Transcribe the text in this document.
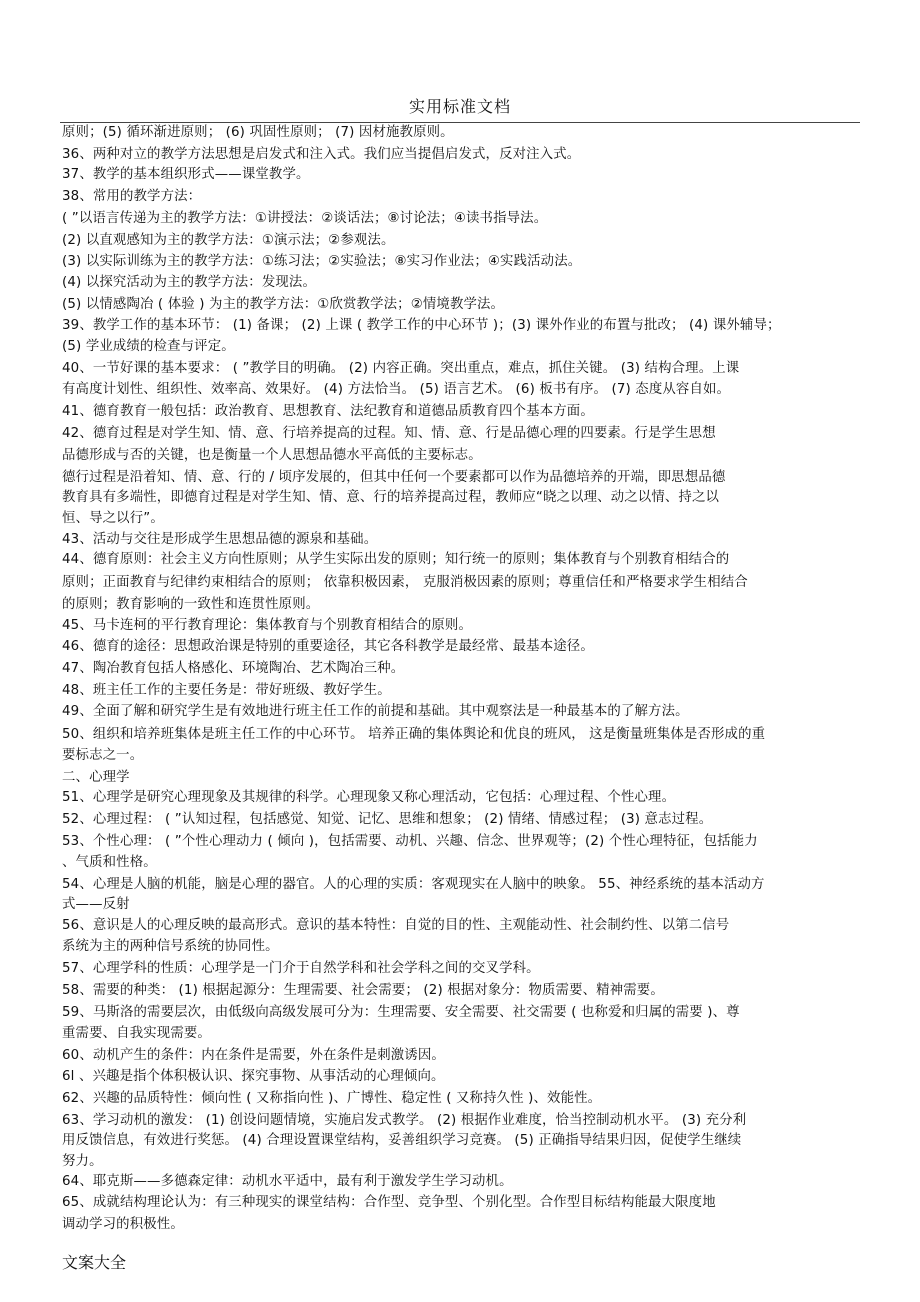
实用标准文档
原则；(5) 循环渐进原则； (6) 巩固性原则； (7) 因材施教原则。
36、两种对立的教学方法思想是启发式和注入式。我们应当提倡启发式，反对注入式。
37、教学的基本组织形式——课堂教学。
38、常用的教学方法：
( ”以语言传递为主的教学方法：①讲授法：②谈话法；⑧讨论法；④读书指导法。
(2) 以直观感知为主的教学方法：①演示法；②参观法。
(3) 以实际训练为主的教学方法：①练习法；②实验法；⑧实习作业法；④实践活动法。
(4) 以探究活动为主的教学方法：发现法。
(5) 以情感陶冶 ( 体验 ) 为主的教学方法：①欣赏教学法；②情境教学法。
39、教学工作的基本环节： (1) 备课； (2) 上课 ( 教学工作的中心环节 )；(3) 课外作业的布置与批改； (4) 课外辅导；
(5) 学业成绩的检查与评定。
40、一节好课的基本要求： ( ”教学目的明确。 (2) 内容正确。突出重点，难点，抓住关键。 (3) 结构合理。上课
有高度计划性、组织性、效率高、效果好。 (4) 方法恰当。 (5) 语言艺术。 (6) 板书有序。 (7) 态度从容自如。
41、德育教育一般包括：政治教育、思想教育、法纪教育和道德品质教育四个基本方面。
42、德育过程是对学生知、情、意、行培养提高的过程。知、情、意、行是品德心理的四要素。行是学生思想
品德形成与否的关键，也是衡量一个人思想品德水平高低的主要标志。
德行过程是沿着知、情、意、行的 / 顷序发展的，但其中任何一个要素都可以作为品德培养的开端，即思想品德
教育具有多端性，即德育过程是对学生知、情、意、行的培养提高过程，教师应“晓之以理、动之以情、持之以
恒、导之以行”。
43、活动与交往是形成学生思想品德的源泉和基础。
44、德育原则：社会主义方向性原则；从学生实际出发的原则；知行统一的原则；集体教育与个别教育相结合的
原则；正面教育与纪律约束相结合的原则； 依靠积极因素， 克服消极因素的原则；尊重信任和严格要求学生相结合
的原则；教育影响的一致性和连贯性原则。
45、马卡连柯的平行教育理论：集体教育与个别教育相结合的原则。
46、德育的途径：思想政治课是特别的重要途径，其它各科教学是最经常、最基本途径。
47、陶冶教育包括人格感化、环境陶冶、艺术陶冶三种。
48、班主任工作的主要任务是：带好班级、教好学生。
49、全面了解和研究学生是有效地进行班主任工作的前提和基础。其中观察法是一种最基本的了解方法。
50、组织和培养班集体是班主任工作的中心环节。 培养正确的集体舆论和优良的班风， 这是衡量班集体是否形成的重
要标志之一。
二、心理学
51、心理学是研究心理现象及其规律的科学。心理现象又称心理活动，它包括：心理过程、个性心理。
52、心理过程： ( ”认知过程，包括感觉、知觉、记忆、思维和想象； (2) 情绪、情感过程； (3) 意志过程。
53、个性心理： ( ”个性心理动力 ( 倾向 )，包括需要、动机、兴趣、信念、世界观等；(2) 个性心理特征，包括能力
、气质和性格。
54、心理是人脑的机能，脑是心理的器官。人的心理的实质：客观现实在人脑中的映象。 55、神经系统的基本活动方
式——反射
56、意识是人的心理反映的最高形式。意识的基本特性：自觉的目的性、主观能动性、社会制约性、以第二信号
系统为主的两种信号系统的协同性。
57、心理学科的性质：心理学是一门介于自然学科和社会学科之间的交叉学科。
58、需要的种类： (1) 根据起源分：生理需要、社会需要； (2) 根据对象分：物质需要、精神需要。
59、马斯洛的需要层次，由低级向高级发展可分为：生理需要、安全需要、社交需要 ( 也称爱和归属的需要 )、尊
重需要、自我实现需要。
60、动机产生的条件：内在条件是需要，外在条件是刺激诱因。
6l 、兴趣是指个体积极认识、探究事物、从事活动的心理倾向。
62、兴趣的品质特性：倾向性 ( 又称指向性 )、广博性、稳定性 ( 又称持久性 )、效能性。
63、学习动机的激发： (1) 创设问题情境，实施启发式教学。 (2) 根据作业难度，恰当控制动机水平。 (3) 充分利
用反馈信息，有效进行奖惩。 (4) 合理设置课堂结构，妥善组织学习竞赛。 (5) 正确指导结果归因，促使学生继续
努力。
64、耶克斯——多德森定律：动机水平适中，最有利于激发学生学习动机。
65、成就结构理论认为：有三种现实的课堂结构：合作型、竞争型、个别化型。合作型目标结构能最大限度地
调动学习的积极性。
文案大全
